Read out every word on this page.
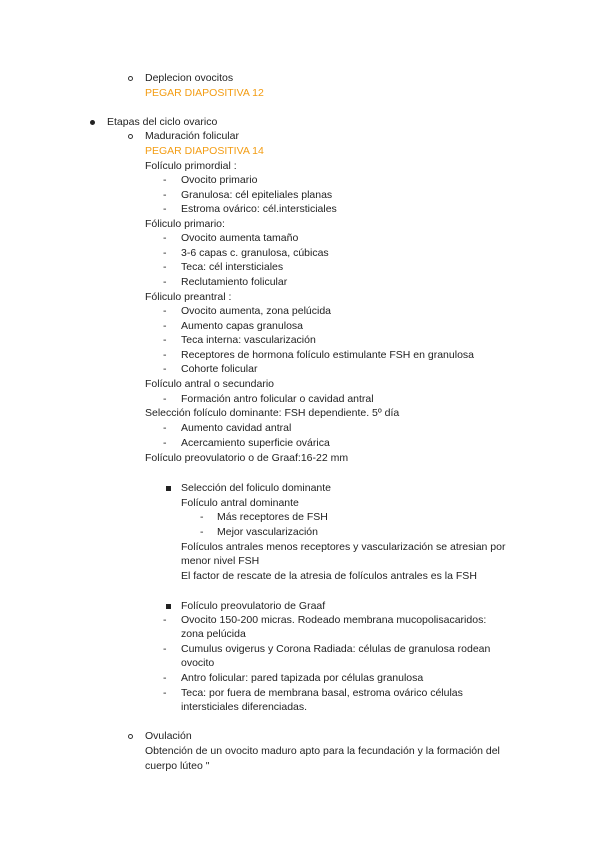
Deplecion ovocitos
PEGAR DIAPOSITIVA 12
Etapas del ciclo ovarico
Maduración folicular
PEGAR DIAPOSITIVA 14
Folículo primordial :
- Ovocito primario
- Granulosa: cél epiteliales planas
- Estroma ovárico: cél.intersticiales
Fóliculo primario:
- Ovocito aumenta tamaño
- 3-6 capas c. granulosa, cúbicas
- Teca: cél intersticiales
- Reclutamiento folicular
Fóliculo preantral :
- Ovocito aumenta, zona pelúcida
- Aumento capas granulosa
- Teca interna: vascularización
- Receptores de hormona folículo estimulante FSH en granulosa
- Cohorte folicular
Folículo antral o secundario
- Formación antro folicular o cavidad antral
Selección folículo dominante: FSH dependiente. 5º día
- Aumento cavidad antral
- Acercamiento superficie ovárica
Folículo preovulatorio o de Graaf:16-22 mm
Selección del foliculo dominante
Folículo antral dominante
- Más receptores de FSH
- Mejor vascularización
Folículos antrales menos receptores y vascularización se atresian por
menor nivel FSH
El factor de rescate de la atresia de folículos antrales es la FSH
Folículo preovulatorio de Graaf
- Ovocito 150-200 micras. Rodeado membrana mucopolisacaridos:
zona pelúcida
- Cumulus ovigerus y Corona Radiada: células de granulosa rodean
ovocito
- Antro folicular: pared tapizada por células granulosa
- Teca: por fuera de membrana basal, estroma ovárico células
intersticiales diferenciadas.
Ovulación
Obtención de un ovocito maduro apto para la fecundación y la formación del
cuerpo lúteo "
